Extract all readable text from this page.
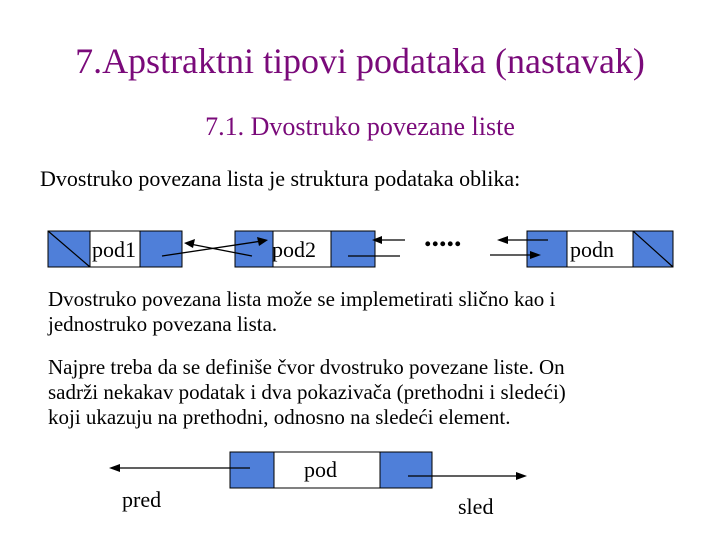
7.Apstraktni tipovi podataka (nastavak)
7.1. Dvostruko povezane liste
Dvostruko povezana lista je struktura podataka oblika:
pod1	pod2	podn
.....
Dvostruko povezana lista može se implemetirati slično kao i
jednostruko povezana lista.
Najpre treba da se definiše čvor dvostruko povezane liste. On
sadrži nekakav podatak i dva pokazivača (prethodni i sledeći)
koji ukazuju na prethodni, odnosno na sledeći element.
pod
pred	sled
